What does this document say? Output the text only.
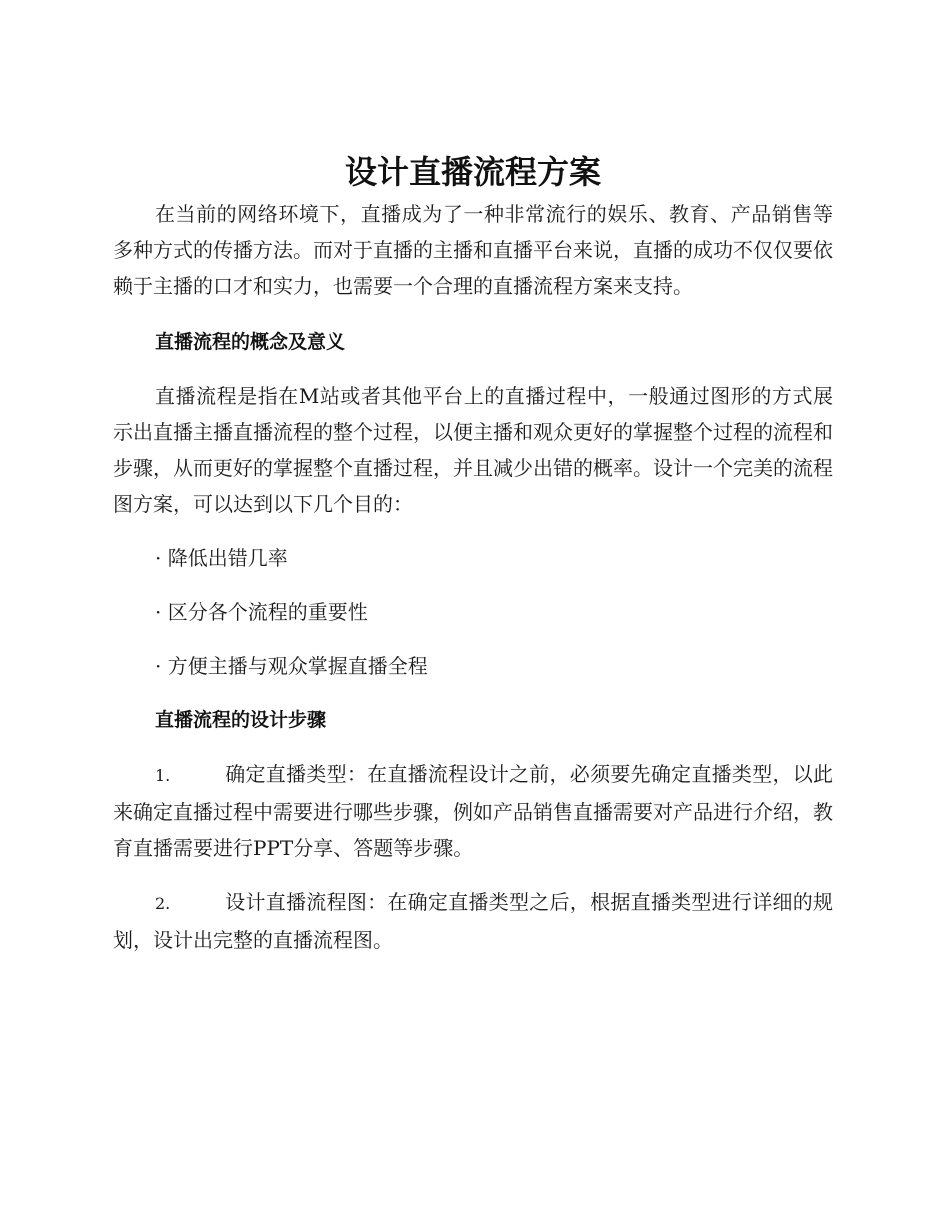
设计直播流程方案

在当前的网络环境下，直播成为了一种非常流行的娱乐、教育、产品销售等多种方式的传播方法。而对于直播的主播和直播平台来说，直播的成功不仅仅要依赖于主播的口才和实力，也需要一个合理的直播流程方案来支持。

直播流程的概念及意义

直播流程是指在M站或者其他平台上的直播过程中，一般通过图形的方式展示出直播主播直播流程的整个过程，以便主播和观众更好的掌握整个过程的流程和步骤，从而更好的掌握整个直播过程，并且减少出错的概率。设计一个完美的流程图方案，可以达到以下几个目的：

· 降低出错几率

· 区分各个流程的重要性

· 方便主播与观众掌握直播全程

直播流程的设计步骤

1.	确定直播类型：在直播流程设计之前，必须要先确定直播类型，以此来确定直播过程中需要进行哪些步骤，例如产品销售直播需要对产品进行介绍，教育直播需要进行PPT分享、答题等步骤。

2.	设计直播流程图：在确定直播类型之后，根据直播类型进行详细的规划，设计出完整的直播流程图。
